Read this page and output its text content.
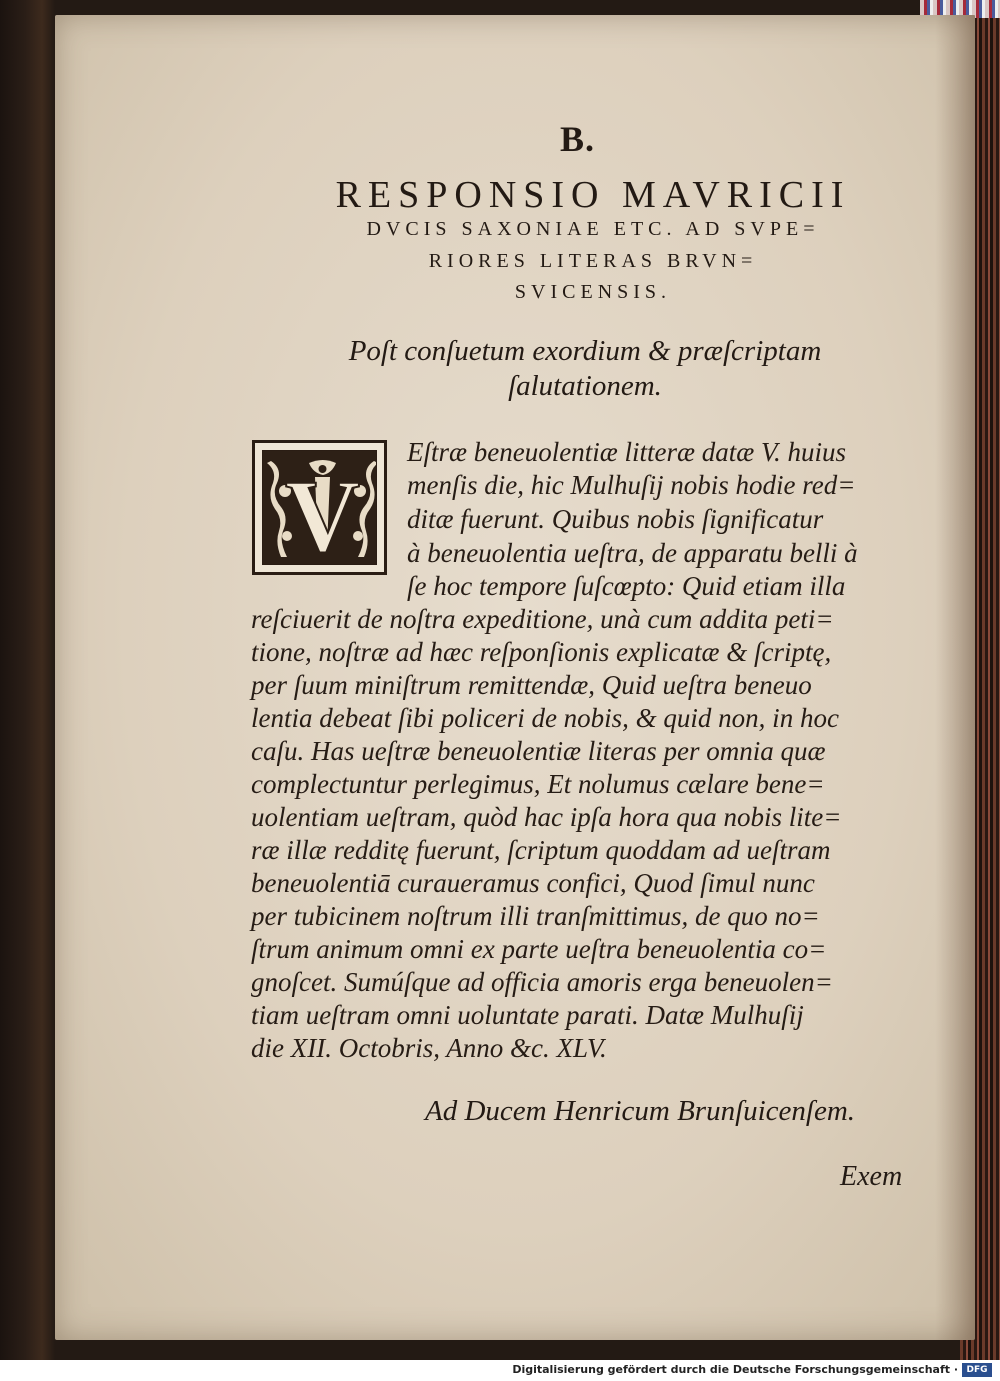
B.
RESPONSIO MAVRICII
DVCIS SAXONIAE ETC. AD SVPE=
RIORES LITERAS BRVN=
SVICENSIS.
Poſt conſuetum exordium & præſcriptam
ſalutationem.
V
Eſtræ beneuolentiæ litteræ datæ V. huius
menſis die, hic Mulhuſij nobis hodie red=
ditæ fuerunt. Quibus nobis ſignificatur
à beneuolentia ueſtra, de apparatu belli à
ſe hoc tempore ſuſcœpto: Quid etiam illa
reſciuerit de noſtra expeditione, unà cum addita peti=
tione, noſtræ ad hæc reſponſionis explicatæ & ſcriptę,
per ſuum miniſtrum remittendæ, Quid ueſtra beneuo
lentia debeat ſibi policeri de nobis, & quid non, in hoc
caſu. Has ueſtræ beneuolentiæ literas per omnia quæ
complectuntur perlegimus, Et nolumus cælare bene=
uolentiam ueſtram, quòd hac ipſa hora qua nobis lite=
ræ illæ redditę fuerunt, ſcriptum quoddam ad ueſtram
beneuolentiā curaueramus confici, Quod ſimul nunc
per tubicinem noſtrum illi tranſmittimus, de quo no=
ſtrum animum omni ex parte ueſtra beneuolentia co=
gnoſcet. Sumúſque ad officia amoris erga beneuolen=
tiam ueſtram omni uoluntate parati. Datæ Mulhuſij
die XII. Octobris, Anno &c. XLV.
Ad Ducem Henricum Brunſuicenſem.
Exem
Digitalisierung gefördert durch die Deutsche Forschungsgemeinschaft · DFG
